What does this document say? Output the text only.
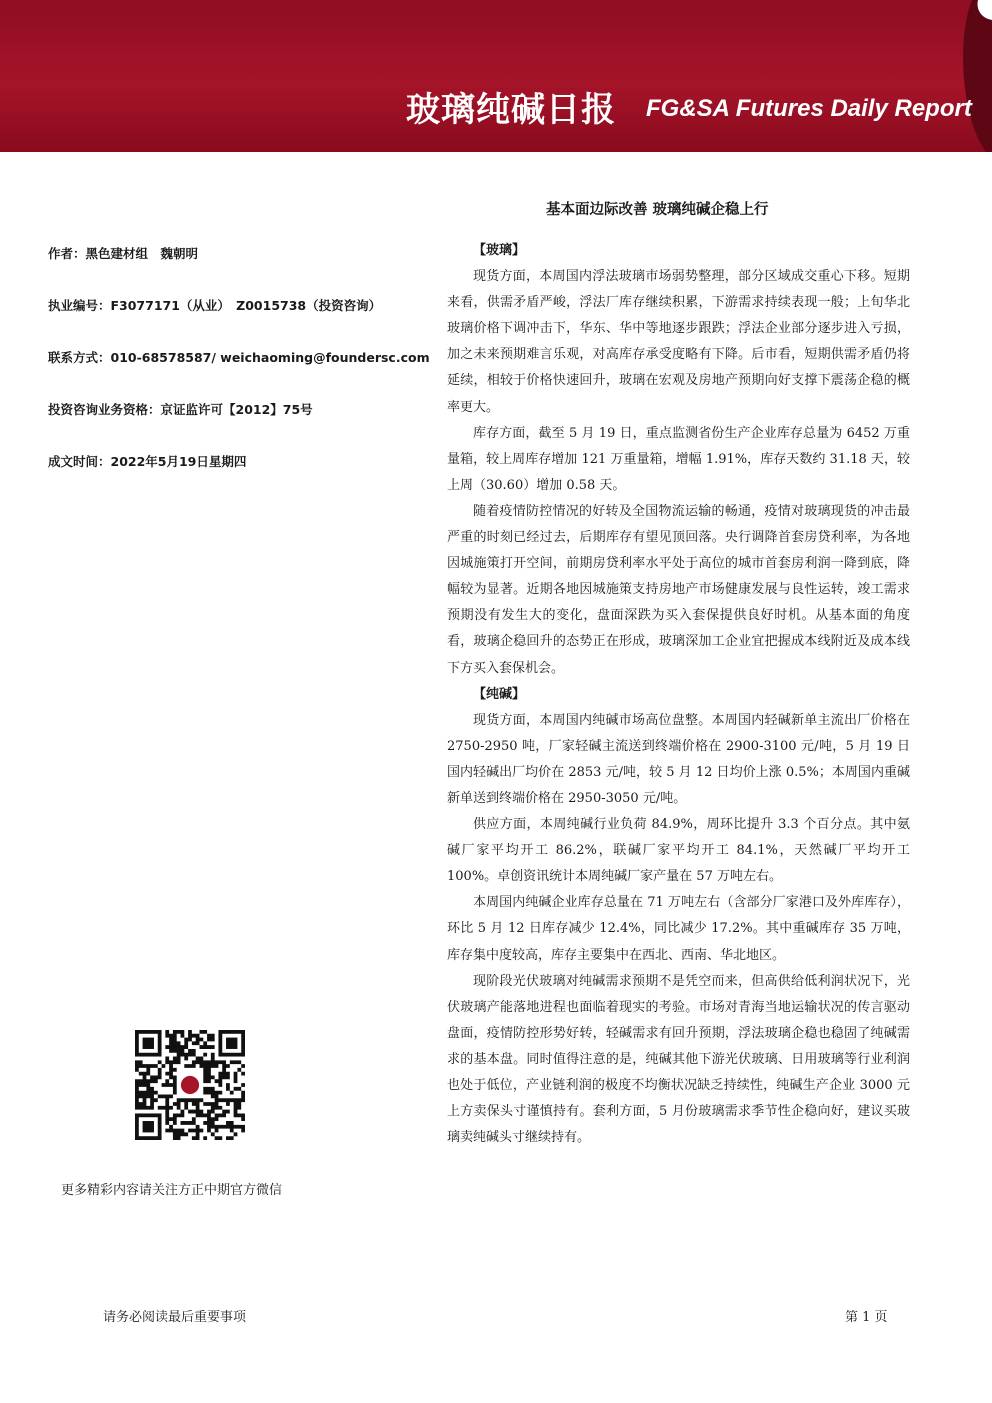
玻璃纯碱日报 FG&SA Futures Daily Report
基本面边际改善 玻璃纯碱企稳上行
作者：黑色建材组　魏朝明
执业编号：F3077171（从业）　Z0015738（投资咨询）
联系方式：010-68578587/ weichaoming@foundersc.com
投资咨询业务资格：京证监许可【2012】75号
成文时间：2022年5月19日星期四

【玻璃】

现货方面，本周国内浮法玻璃市场弱势整理，部分区域成交重心下移。短期来看，供需矛盾严峻，浮法厂库存继续积累，下游需求持续表现一般；上旬华北玻璃价格下调冲击下，华东、华中等地逐步跟跌；浮法企业部分逐步进入亏损，加之未来预期难言乐观，对高库存承受度略有下降。后市看，短期供需矛盾仍将延续，相较于价格快速回升，玻璃在宏观及房地产预期向好支撑下震荡企稳的概率更大。

库存方面，截至 5 月 19 日，重点监测省份生产企业库存总量为 6452 万重量箱，较上周库存增加 121 万重量箱，增幅 1.91%，库存天数约 31.18 天，较上周（30.60）增加 0.58 天。

随着疫情防控情况的好转及全国物流运输的畅通，疫情对玻璃现货的冲击最严重的时刻已经过去，后期库存有望见顶回落。央行调降首套房贷利率，为各地因城施策打开空间，前期房贷利率水平处于高位的城市首套房利润一降到底，降幅较为显著。近期各地因城施策支持房地产市场健康发展与良性运转，竣工需求预期没有发生大的变化，盘面深跌为买入套保提供良好时机。从基本面的角度看，玻璃企稳回升的态势正在形成，玻璃深加工企业宜把握成本线附近及成本线下方买入套保机会。

【纯碱】

现货方面，本周国内纯碱市场高位盘整。本周国内轻碱新单主流出厂价格在 2750-2950 吨，厂家轻碱主流送到终端价格在 2900-3100 元/吨，5 月 19 日国内轻碱出厂均价在 2853 元/吨，较 5 月 12 日均价上涨 0.5%；本周国内重碱新单送到终端价格在 2950-3050 元/吨。

供应方面，本周纯碱行业负荷 84.9%，周环比提升 3.3 个百分点。其中氨碱厂家平均开工 86.2%，联碱厂家平均开工 84.1%，天然碱厂平均开工 100%。卓创资讯统计本周纯碱厂家产量在 57 万吨左右。

本周国内纯碱企业库存总量在 71 万吨左右（含部分厂家港口及外库库存），环比 5 月 12 日库存减少 12.4%，同比减少 17.2%。其中重碱库存 35 万吨，库存集中度较高，库存主要集中在西北、西南、华北地区。

现阶段光伏玻璃对纯碱需求预期不是凭空而来，但高供给低利润状况下，光伏玻璃产能落地进程也面临着现实的考验。市场对青海当地运输状况的传言驱动盘面，疫情防控形势好转，轻碱需求有回升预期，浮法玻璃企稳也稳固了纯碱需求的基本盘。同时值得注意的是，纯碱其他下游光伏玻璃、日用玻璃等行业利润也处于低位，产业链利润的极度不均衡状况缺乏持续性，纯碱生产企业 3000 元上方卖保头寸谨慎持有。套利方面，5 月份玻璃需求季节性企稳向好，建议买玻璃卖纯碱头寸继续持有。

更多精彩内容请关注方正中期官方微信
请务必阅读最后重要事项	第 1 页
